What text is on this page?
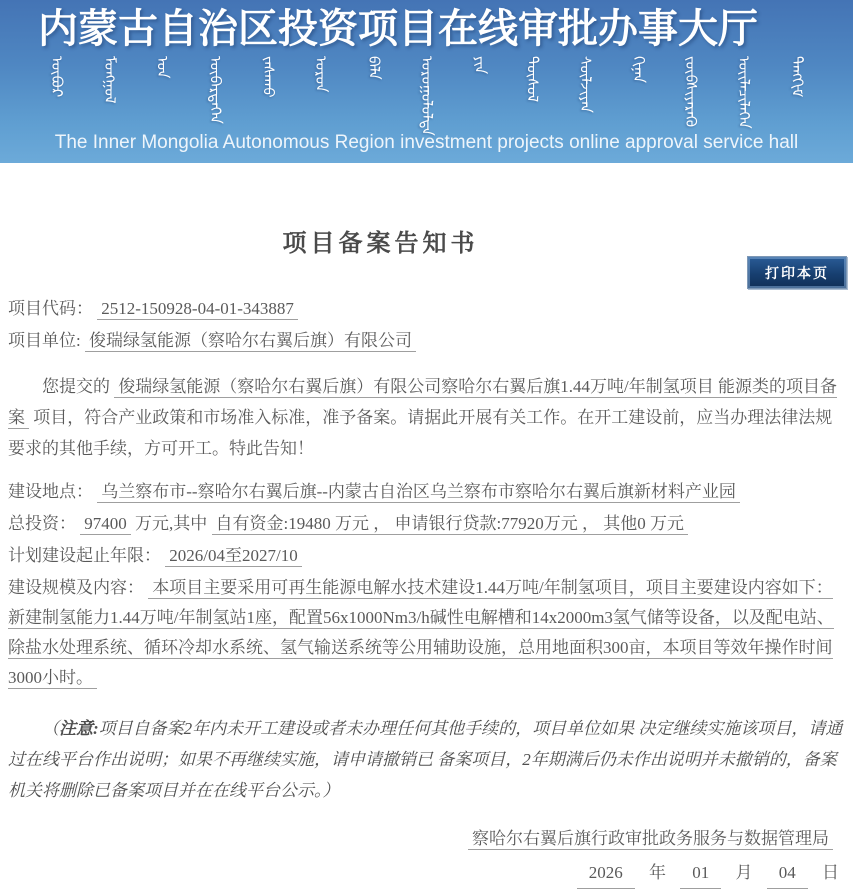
内蒙古自治区投资项目在线审批办事大厅
ᠥᠪᠥᠷ ᠮᠣᠩᠭᠣᠯ ᠤᠨ ᠥᠪᠡᠷᠲᠡᠭᠡᠨ ᠵᠠᠰᠠᠬᠤ ᠣᠷᠣᠨ ᠪᠡᠯᠡ ᠣᠷᠣᠭᠤᠯᠤᠯᠲᠠ ᠶᠢᠨ ᠲᠥᠰᠥᠯ ᠰᠦᠯᠵᠢᠶᠡᠨ ᠬᠢᠨᠠᠨ ᠵᠥᠪᠰᠢᠶᠡᠷᠡᠬᠦ ᠦᠢᠯᠡᠴᠢᠯᠡᠭᠡᠨ ᠲᠠᠩᠬᠢᠮ
The Inner Mongolia Autonomous Region investment projects online approval service hall
打印本页
项目备案告知书
项目代码： 2512-150928-04-01-343887
项目单位: 俊瑞绿氢能源（察哈尔右翼后旗）有限公司

您提交的 俊瑞绿氢能源（察哈尔右翼后旗）有限公司察哈尔右翼后旗1.44万吨/年制氢项目 能源类的项目备案 项目，符合产业政策和市场准入标准，准予备案。请据此开展有关工作。在开工建设前，应当办理法律法规要求的其他手续，方可开工。特此告知！

建设地点： 乌兰察布市--察哈尔右翼后旗--内蒙古自治区乌兰察布市察哈尔右翼后旗新材料产业园
总投资： 97400 万元,其中 自有资金:19480 万元 ， 申请银行贷款:77920万元 ， 其他0 万元
计划建设起止年限： 2026/04至2027/10
建设规模及内容： 本项目主要采用可再生能源电解水技术建设1.44万吨/年制氢项目，项目主要建设内容如下：新建制氢能力1.44万吨/年制氢站1座，配置56x1000Nm3/h碱性电解槽和14x2000m3氢气储等设备，以及配电站、除盐水处理系统、循环冷却水系统、氢气输送系统等公用辅助设施，总用地面积300亩，本项目等效年操作时间3000小时。

（注意:项目自备案2年内未开工建设或者未办理任何其他手续的，项目单位如果 决定继续实施该项目，请通过在线平台作出说明；如果不再继续实施，请申请撤销已 备案项目，2年期满后仍未作出说明并未撤销的，备案机关将删除已备案项目并在在线平台公示。）

察哈尔右翼后旗行政审批政务服务与数据管理局
2026 年 01 月 04 日
